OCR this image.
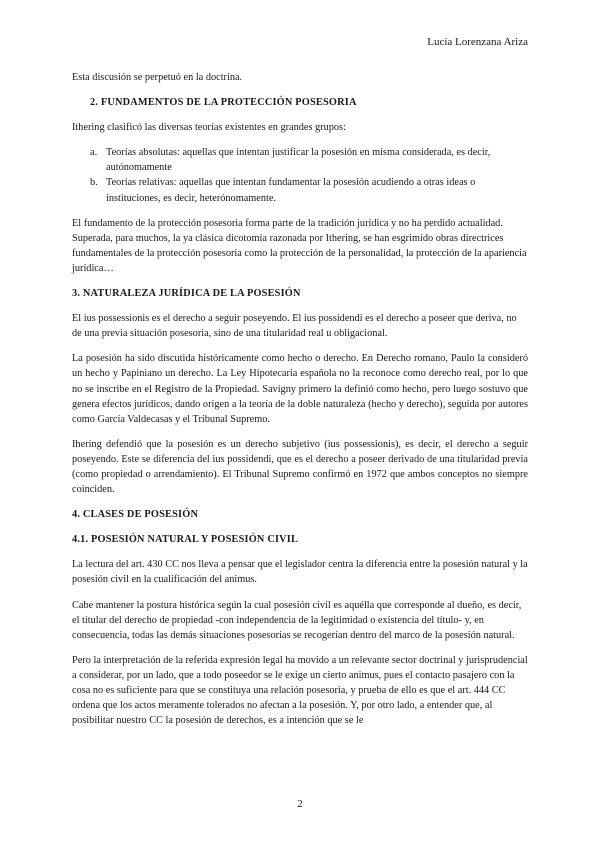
Lucía Lorenzana Ariza

Esta discusión se perpetuó en la doctrina.

2. FUNDAMENTOS DE LA PROTECCIÓN POSESORIA

Ithering clasificó las diversas teorías existentes en grandes grupos:

a. Teorías absolutas: aquellas que intentan justificar la posesión en misma considerada, es decir, autónomamente
b. Teorías relativas: aquellas que intentan fundamentar la posesión acudiendo a otras ideas o instituciones, es decir, heterónomamente.

El fundamento de la protección posesoria forma parte de la tradición jurídica y no ha perdido actualidad. Superada, para muchos, la ya clásica dicotomía razonada por Ithering, se han esgrimido obras directrices fundamentales de la protección posesoria como la protección de la personalidad, la protección de la apariencia jurídica…

3. NATURALEZA JURÍDICA DE LA POSESIÓN

El ius possessionis es el derecho a seguir poseyendo. El ius possidendi es el derecho a poseer que deriva, no de una previa situación posesoria, sino de una titularidad real u obligacional.

La posesión ha sido discutida históricamente como hecho o derecho. En Derecho romano, Paulo la consideró un hecho y Papiniano un derecho. La Ley Hipotecaria española no la reconoce como derecho real, por lo que no se inscribe en el Registro de la Propiedad. Savigny primero la definió como hecho, pero luego sostuvo que genera efectos jurídicos, dando origen a la teoría de la doble naturaleza (hecho y derecho), seguida por autores como García Valdecasas y el Tribunal Supremo.

Ihering defendió que la posesión es un derecho subjetivo (ius possessionis), es decir, el derecho a seguir poseyendo. Este se diferencia del ius possidendi, que es el derecho a poseer derivado de una titularidad previa (como propiedad o arrendamiento). El Tribunal Supremo confirmó en 1972 que ambos conceptos no siempre coinciden.

4. CLASES DE POSESIÓN
4.1. POSESIÓN NATURAL Y POSESIÓN CIVIL

La lectura del art. 430 CC nos lleva a pensar que el legislador centra la diferencia entre la posesión natural y la posesión civil en la cualificación del animus.

Cabe mantener la postura histórica según la cual posesión civil es aquélla que corresponde al dueño, es decir, el titular del derecho de propiedad -con independencia de la legitimidad o existencia del título- y, en consecuencia, todas las demás situaciones posesorias se recogerían dentro del marco de la posesión natural.

Pero la interpretación de la referida expresión legal ha movido a un relevante sector doctrinal y jurisprudencial a considerar, por un lado, que a todo poseedor se le exige un cierto animus, pues el contacto pasajero con la cosa no es suficiente para que se constituya una relación posesoria, y prueba de ello es que el art. 444 CC ordena que los actos meramente tolerados no afectan a la posesión. Y, por otro lado, a entender que, al posibilitar nuestro CC la posesión de derechos, es a intención que se le

2
